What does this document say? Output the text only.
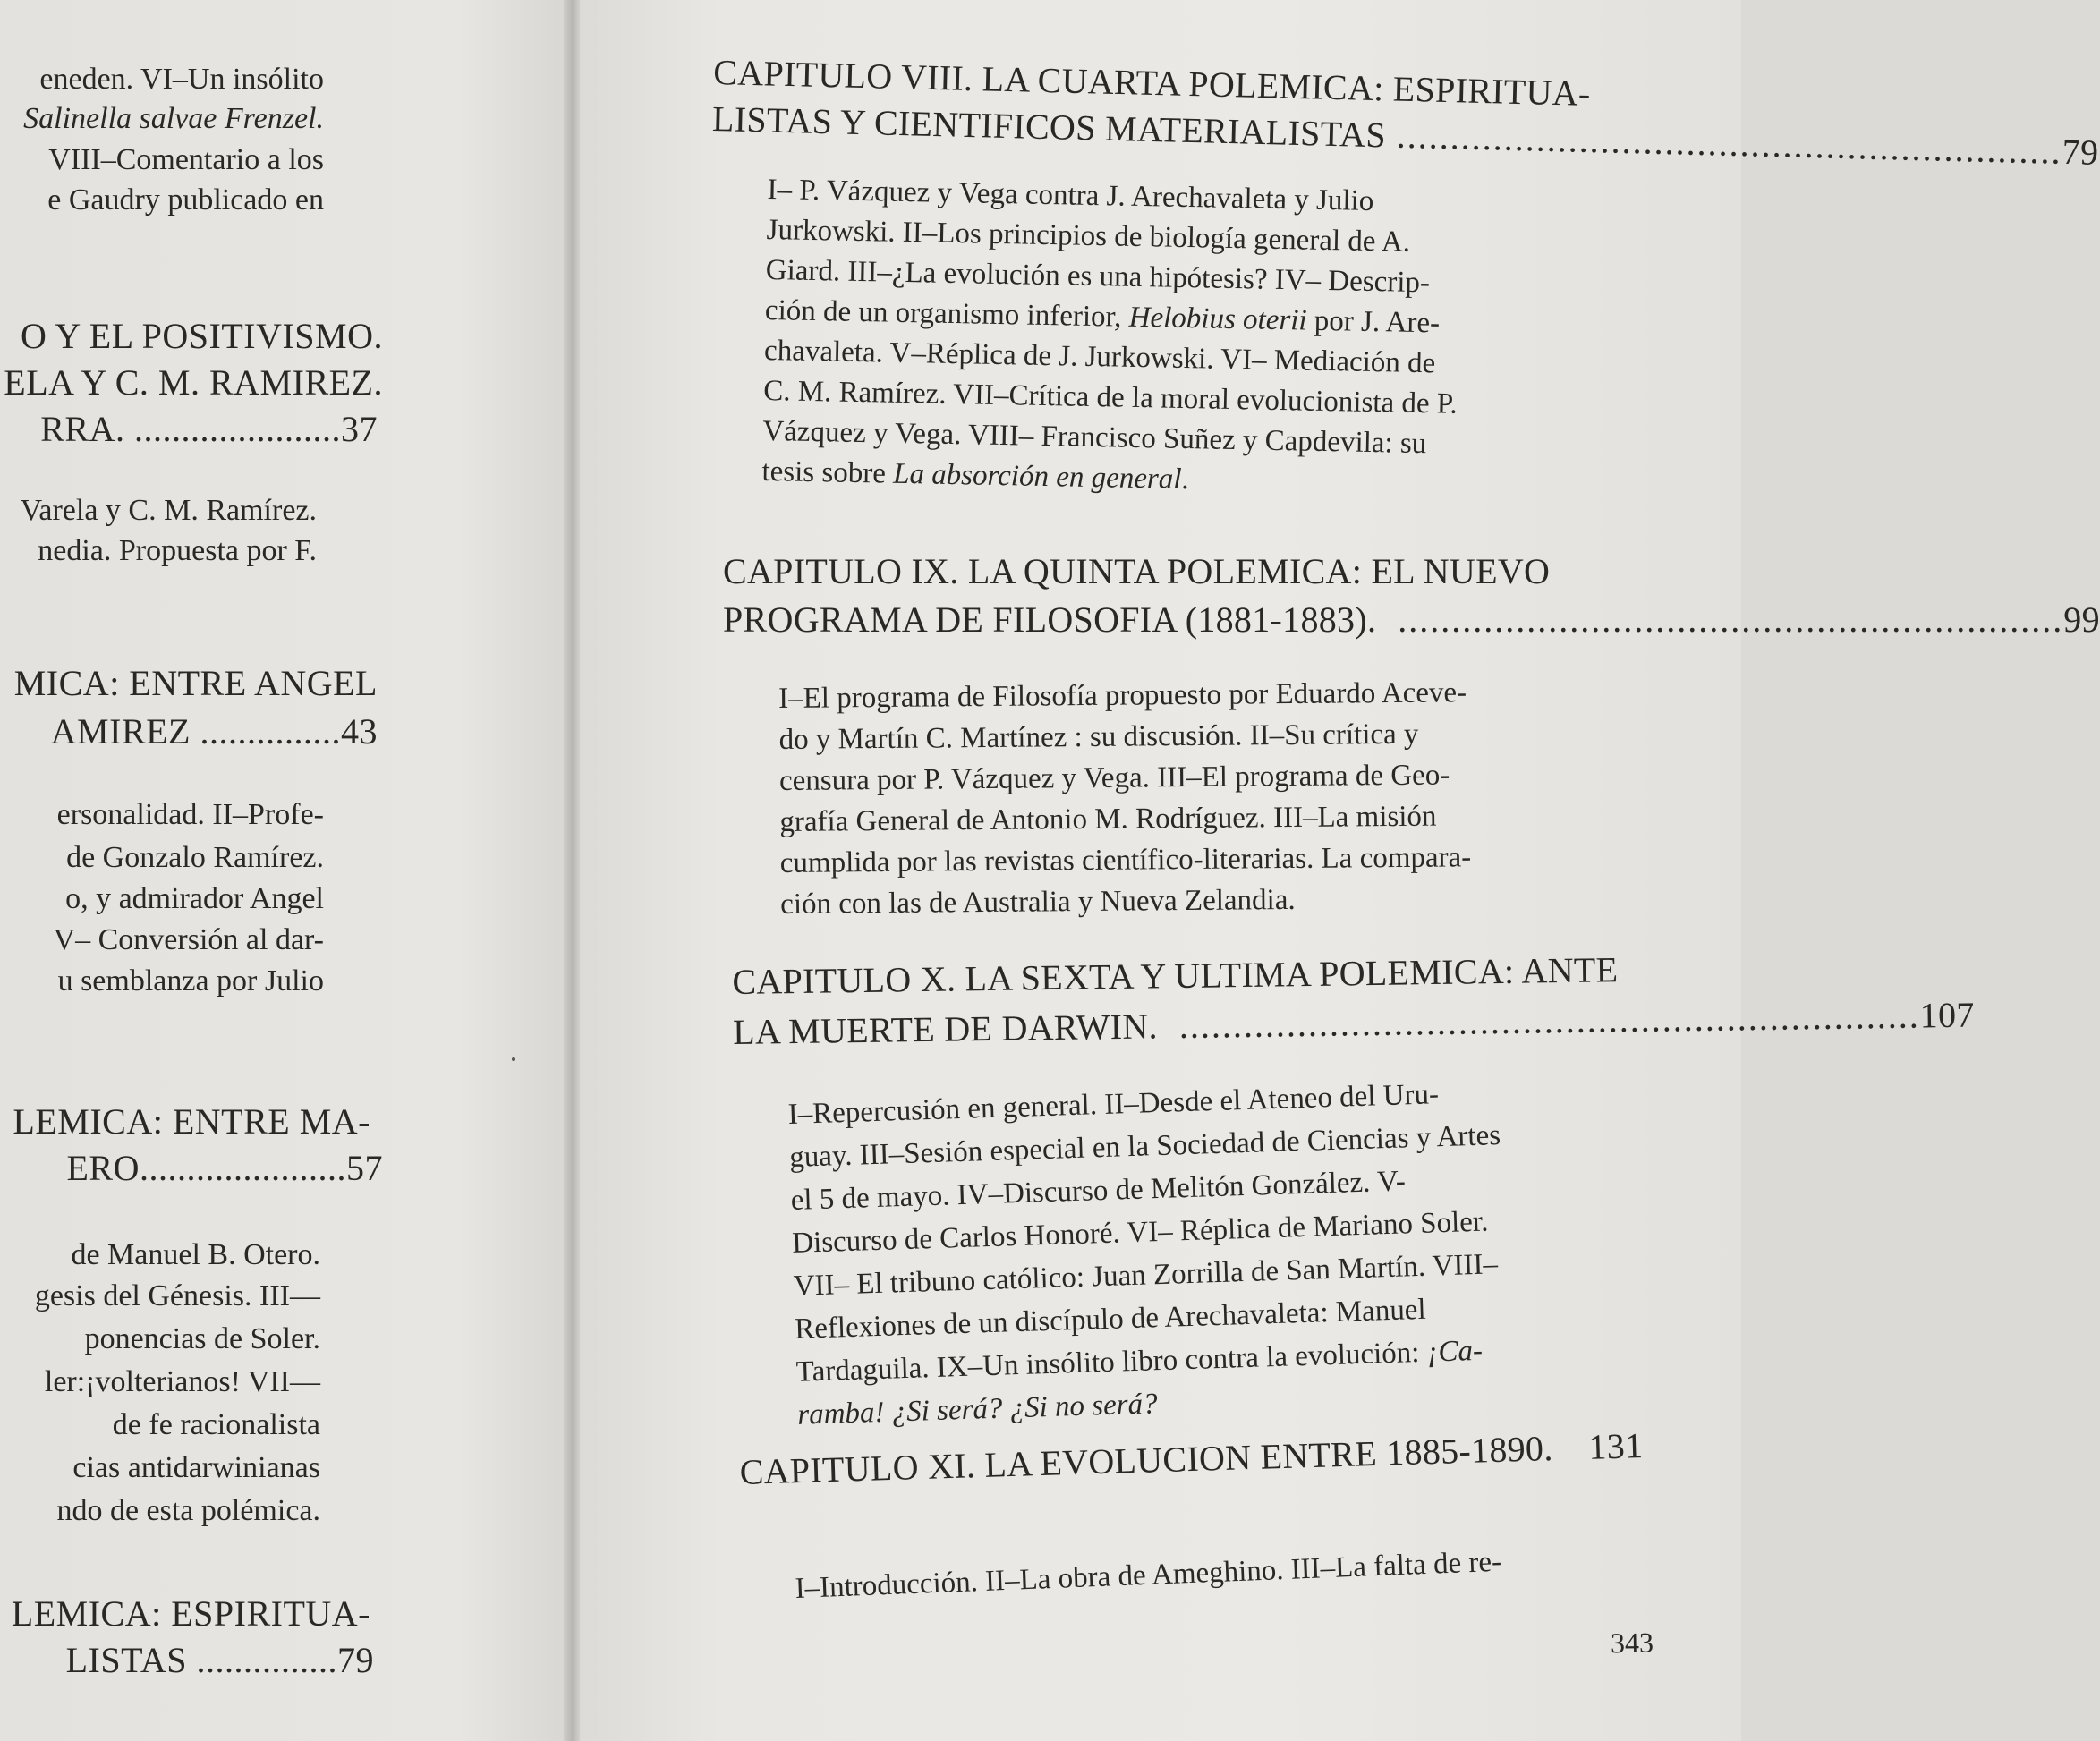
eneden. VI–Un insólito

Salinella salvae Frenzel.

VIII–Comentario a los

e Gaudry publicado en

O Y EL POSITIVISMO.

ELA Y C. M. RAMIREZ.

RRA. ......................37

Varela y C. M. Ramírez.

nedia. Propuesta por F.

MICA: ENTRE ANGEL

AMIREZ ...............43

ersonalidad. II–Profe-

de Gonzalo Ramírez.

o, y admirador Angel

V– Conversión al dar-

u semblanza por Julio

LEMICA: ENTRE MA-

ERO......................57

de Manuel B. Otero.

gesis del Génesis. III—

ponencias de Soler.

ler:¡volterianos! VII—

de fe racionalista

cias antidarwinianas

ndo de esta polémica.

LEMICA: ESPIRITUA-

LISTAS ...............79

CAPITULO VIII. LA CUARTA POLEMICA: ESPIRITUA-

LISTAS Y CIENTIFICOS MATERIALISTAS
..............................................................
79

I– P. Vázquez y Vega contra J. Arechavaleta y Julio

Jurkowski. II–Los principios de biología general de A.

Giard. III–¿La evolución es una hipótesis? IV– Descrip-

ción de un organismo inferior, Helobius oterii por J. Are-

chavaleta. V–Réplica de J. Jurkowski. VI– Mediación de

C. M. Ramírez. VII–Crítica de la moral evolucionista de P.

Vázquez y Vega. VIII– Francisco Suñez y Capdevila: su

tesis sobre La absorción en general.

CAPITULO IX. LA QUINTA POLEMICA: EL NUEVO

PROGRAMA DE FILOSOFIA (1881-1883). .............................................................. 99

I–El programa de Filosofía propuesto por Eduardo Aceve-

do y Martín C. Martínez : su discusión. II–Su crítica y

censura por P. Vázquez y Vega. III–El programa de Geo-

grafía General de Antonio M. Rodríguez. III–La misión

cumplida por las revistas científico-literarias. La compara-

ción con las de Australia y Nueva Zelandia.

CAPITULO X. LA SEXTA Y ULTIMA POLEMICA: ANTE

LA MUERTE DE DARWIN. ..................................................................... 107

I–Repercusión en general. II–Desde el Ateneo del Uru-

guay. III–Sesión especial en la Sociedad de Ciencias y Artes

el 5 de mayo. IV–Discurso de Melitón González. V-

Discurso de Carlos Honoré. VI– Réplica de Mariano Soler.

VII– El tribuno católico: Juan Zorrilla de San Martín. VIII–

Reflexiones de un discípulo de Arechavaleta: Manuel

Tardaguila. IX–Un insólito libro contra la evolución: ¡Ca-

ramba! ¿Si será? ¿Si no será?

CAPITULO XI. LA EVOLUCION ENTRE 1885-1890. 131

I–Introducción. II–La obra de Ameghino. III–La falta de re-

343
